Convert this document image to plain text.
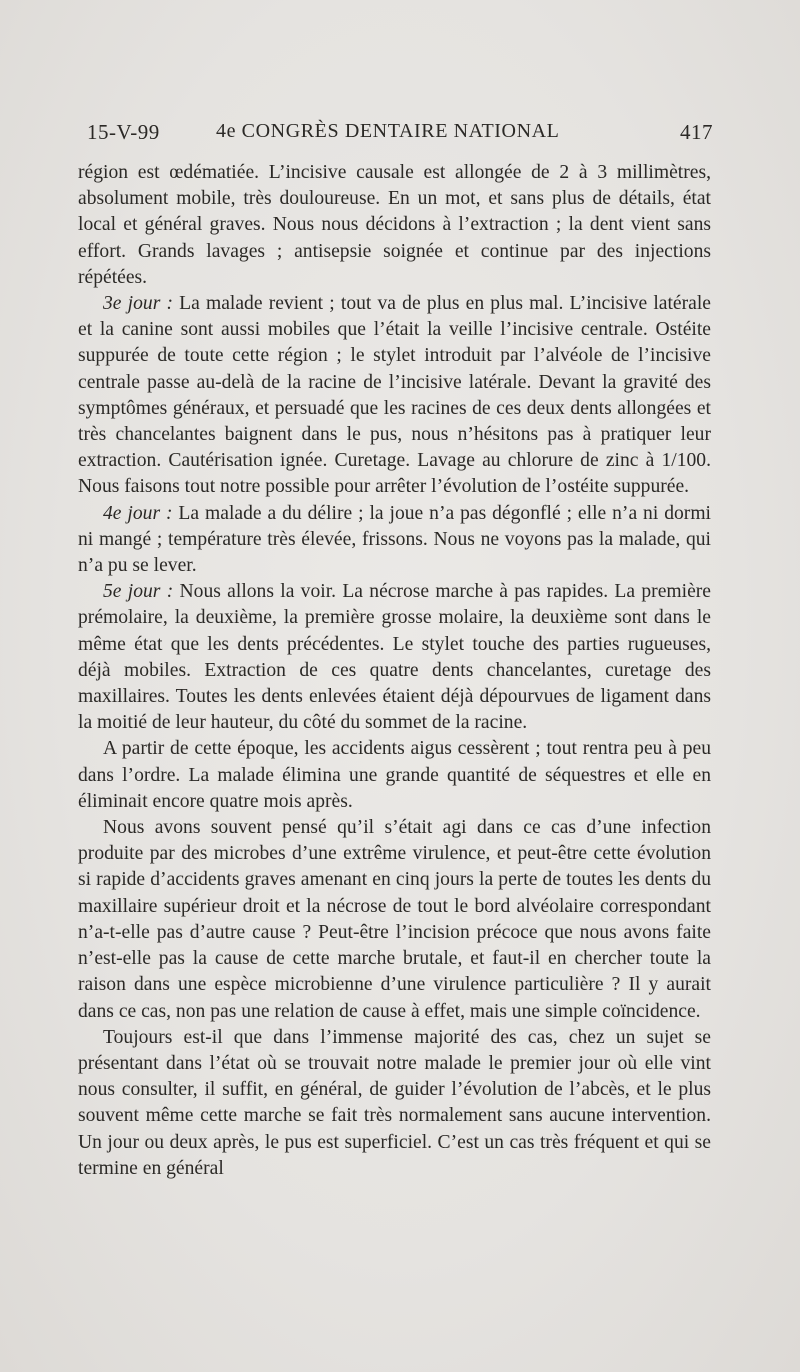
15-V-99	4e CONGRÈS DENTAIRE NATIONAL	417

région est œdématiée. L’incisive causale est allongée de 2 à 3 millimètres, absolument mobile, très douloureuse. En un mot, et sans plus de détails, état local et général graves. Nous nous décidons à l’extraction ; la dent vient sans effort. Grands lavages ; antisepsie soignée et continue par des injections répétées.

3e jour : La malade revient ; tout va de plus en plus mal. L’incisive latérale et la canine sont aussi mobiles que l’était la veille l’incisive centrale. Ostéite suppurée de toute cette région ; le stylet introduit par l’alvéole de l’incisive centrale passe au-delà de la racine de l’incisive latérale. Devant la gravité des symptômes généraux, et persuadé que les racines de ces deux dents allongées et très chancelantes baignent dans le pus, nous n’hésitons pas à pratiquer leur extraction. Cautérisation ignée. Curetage. Lavage au chlorure de zinc à 1/100. Nous faisons tout notre possible pour arrêter l’évolution de l’ostéite suppurée.

4e jour : La malade a du délire ; la joue n’a pas dégonflé ; elle n’a ni dormi ni mangé ; température très élevée, frissons. Nous ne voyons pas la malade, qui n’a pu se lever.

5e jour : Nous allons la voir. La nécrose marche à pas rapides. La première prémolaire, la deuxième, la première grosse molaire, la deuxième sont dans le même état que les dents précédentes. Le stylet touche des parties rugueuses, déjà mobiles. Extraction de ces quatre dents chancelantes, curetage des maxillaires. Toutes les dents enlevées étaient déjà dépourvues de ligament dans la moitié de leur hauteur, du côté du sommet de la racine.

A partir de cette époque, les accidents aigus cessèrent ; tout rentra peu à peu dans l’ordre. La malade élimina une grande quantité de séquestres et elle en éliminait encore quatre mois après.

Nous avons souvent pensé qu’il s’était agi dans ce cas d’une infection produite par des microbes d’une extrême virulence, et peut-être cette évolution si rapide d’accidents graves amenant en cinq jours la perte de toutes les dents du maxillaire supérieur droit et la nécrose de tout le bord alvéolaire correspondant n’a-t-elle pas d’autre cause ? Peut-être l’incision précoce que nous avons faite n’est-elle pas la cause de cette marche brutale, et faut-il en chercher toute la raison dans une espèce microbienne d’une virulence particulière ? Il y aurait dans ce cas, non pas une relation de cause à effet, mais une simple coïncidence.

Toujours est-il que dans l’immense majorité des cas, chez un sujet se présentant dans l’état où se trouvait notre malade le premier jour où elle vint nous consulter, il suffit, en général, de guider l’évolution de l’abcès, et le plus souvent même cette marche se fait très normalement sans aucune intervention. Un jour ou deux après, le pus est superficiel. C’est un cas très fréquent et qui se termine en général
